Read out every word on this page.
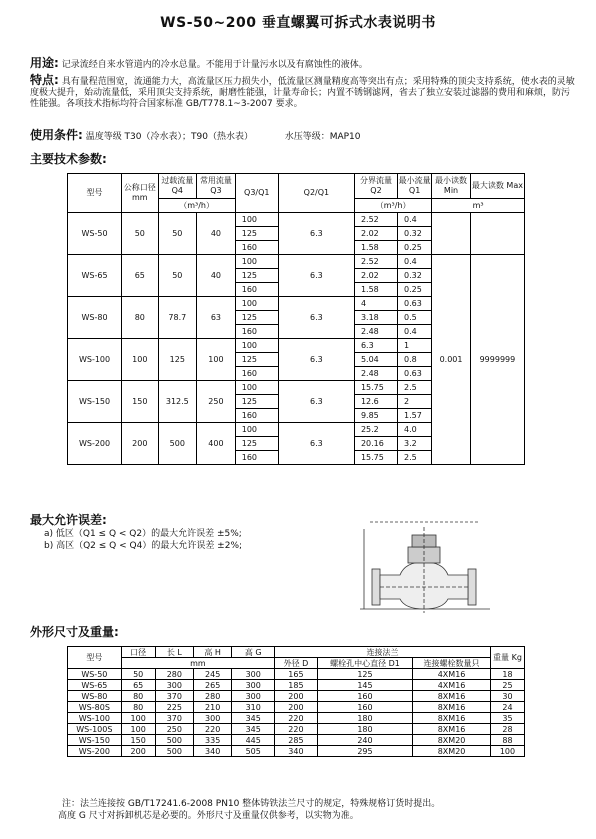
WS-50~200 垂直螺翼可拆式水表说明书
用途: 记录流经自来水管道内的冷水总量。不能用于计量污水以及有腐蚀性的液体。
特点: 具有量程范围宽，流通能力大，高流量区压力损失小，低流量区测量精度高等突出有点；采用特殊的顶尖支持系统，使水表的灵敏度极大提升，始动流量低，采用顶尖支持系统，耐磨性能强，计量寿命长；内置不锈钢滤网，省去了独立安装过滤器的费用和麻烦，防污性能强。各项技术指标均符合国家标准 GB/T778.1~3-2007 要求。
使用条件: 温度等级 T30（冷水表）；T90（热水表）	水压等级：MAP10
主要技术参数:
型号	公称口径 mm	过载流量 Q4	常用流量 Q3	Q3/Q1	Q2/Q1	分界流量 Q2	最小流量 Q1	最小读数 Min	最大读数 Max
		（m³/h）				（m³/h）		m³	
WS-50	50	50	40	100	6.3	2.52	0.4		
				125		2.02	0.32		
				160		1.58	0.25		
WS-65	65	50	40	100	6.3	2.52	0.4	0.001	9999999
				125		2.02	0.32		
				160		1.58	0.25		
WS-80	80	78.7	63	100	6.3	4	0.63		
				125		3.18	0.5		
				160		2.48	0.4		
WS-100	100	125	100	100	6.3	6.3	1		
				125		5.04	0.8		
				160		2.48	0.63		
WS-150	150	312.5	250	100	6.3	15.75	2.5		
				125		12.6	2		
				160		9.85	1.57		
WS-200	200	500	400	100	6.3	25.2	4.0		
				125		20.16	3.2		
				160		15.75	2.5		
最大允许误差:
a) 低区（Q1 ≤ Q < Q2）的最大允许误差 ±5%;
b) 高区（Q2 ≤ Q < Q4）的最大允许误差 ±2%;
外形尺寸及重量:
型号	口径	长 L	高 H	高 G	连接法兰			重量 Kg
	mm				外径 D	螺栓孔中心直径 D1	连接螺栓数量只	

WS-50	50	280	245	300	165	125	4XM16	18
WS-65	65	300	265	300	185	145	4XM16	25
WS-80	80	370	280	300	200	160	8XM16	30
WS-80S	80	225	210	310	200	160	8XM16	24
WS-100	100	370	300	345	220	180	8XM16	35
WS-100S	100	250	220	345	220	180	8XM16	28
WS-150	150	500	335	445	285	240	8XM20	88
WS-200	200	500	340	505	340	295	8XM20	100
注：法兰连接按 GB/T17241.6-2008 PN10 整体铸铁法兰尺寸的规定，特殊规格订货时提出。
高度 G 尺寸对拆卸机芯是必要的。外形尺寸及重量仅供参考，以实物为准。
